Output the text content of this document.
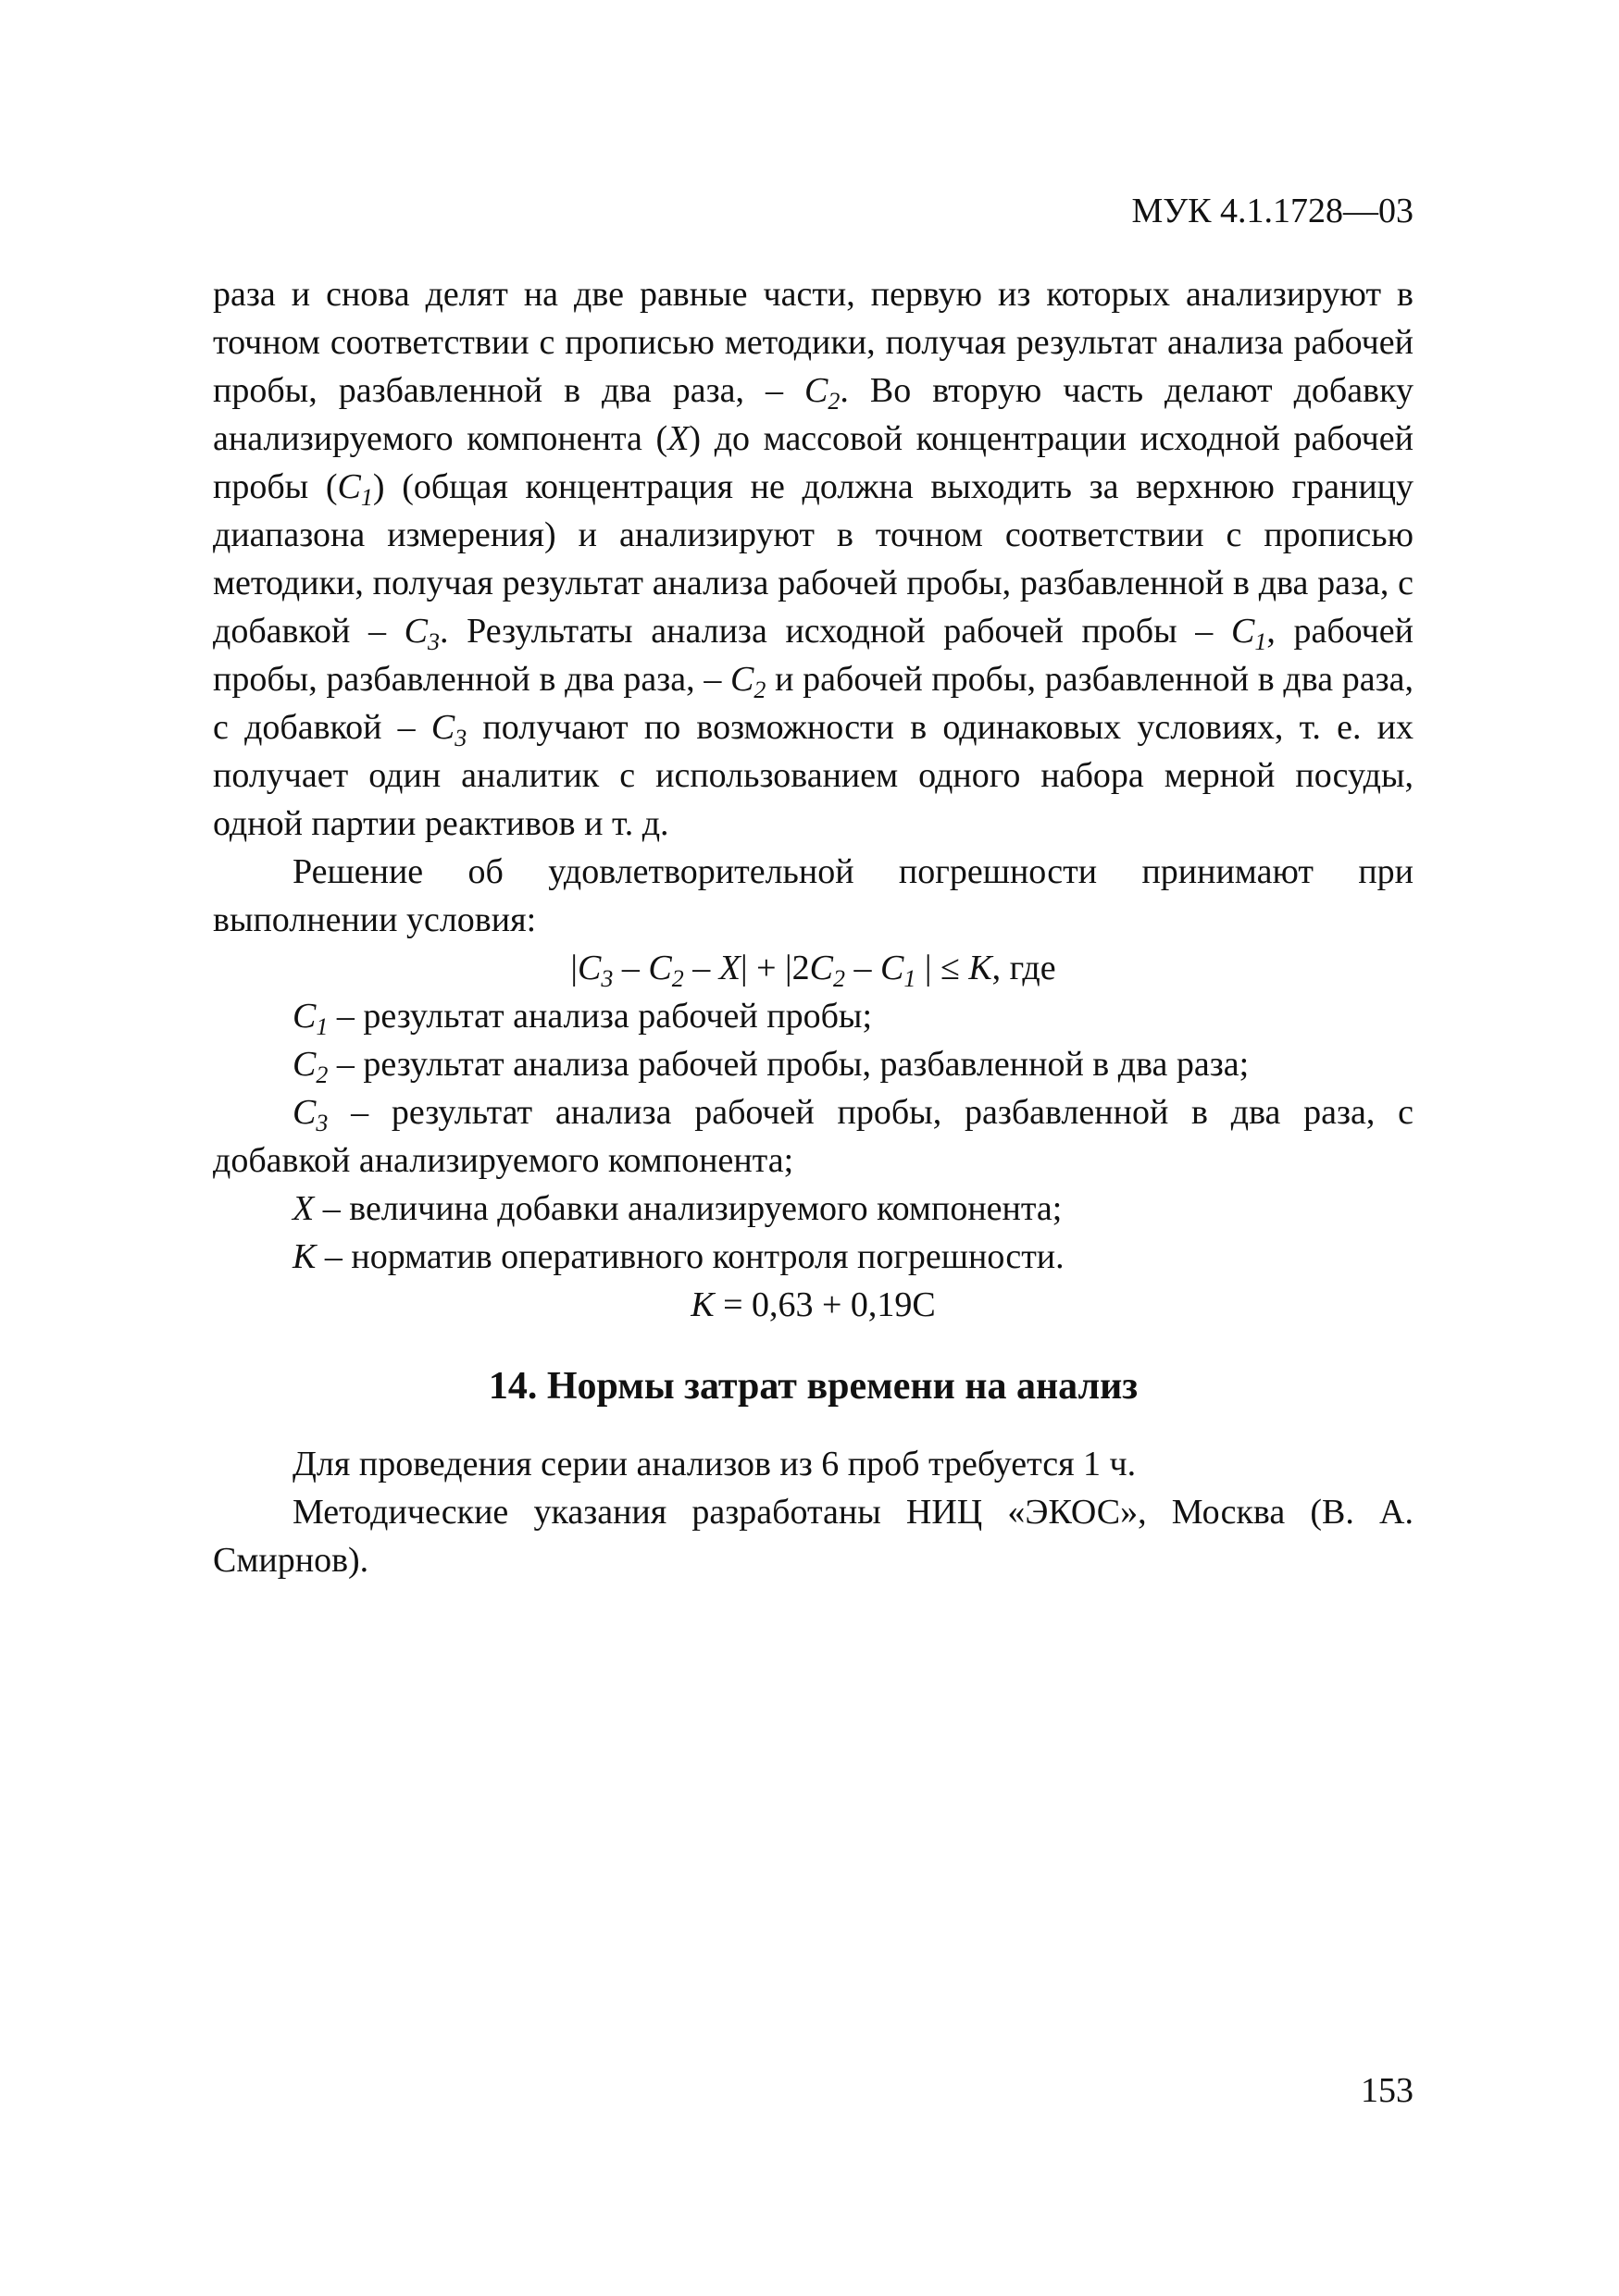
МУК 4.1.1728—03

раза и снова делят на две равные части, первую из которых анализируют в точном соответствии с прописью методики, получая результат анализа рабочей пробы, разбавленной в два раза, – $C_2$. Во вторую часть делают добавку анализируемого компонента (X) до массовой концентрации исходной рабочей пробы $(C_1)$ (общая концентрация не должна выходить за верхнюю границу диапазона измерения) и анализируют в точном соответствии с прописью методики, получая результат анализа рабочей пробы, разбавленной в два раза, с добавкой – $C_3$. Результаты анализа исходной рабочей пробы – $C_1$, рабочей пробы, разбавленной в два раза, – $C_2$ и рабочей пробы, разбавленной в два раза, с добавкой – $C_3$ получают по возможности в одинаковых условиях, т. е. их получает один аналитик с использованием одного набора мерной посуды, одной партии реактивов и т. д.

Решение об удовлетворительной погрешности принимают при выполнении условия:

$|C_3 - C_2 - X| + |2C_2 - C_1$ | ≤ K, где

$C_1$ – результат анализа рабочей пробы;

$C_2$ – результат анализа рабочей пробы, разбавленной в два раза;

$C_3$ – результат анализа рабочей пробы, разбавленной в два раза, с добавкой анализируемого компонента;

X – величина добавки анализируемого компонента;

K – норматив оперативного контроля погрешности.

K = 0,63 + 0,19C

14. Нормы затрат времени на анализ

Для проведения серии анализов из 6 проб требуется 1 ч.

Методические указания разработаны НИЦ «ЭКОС», Москва (В. А. Смирнов).

153
